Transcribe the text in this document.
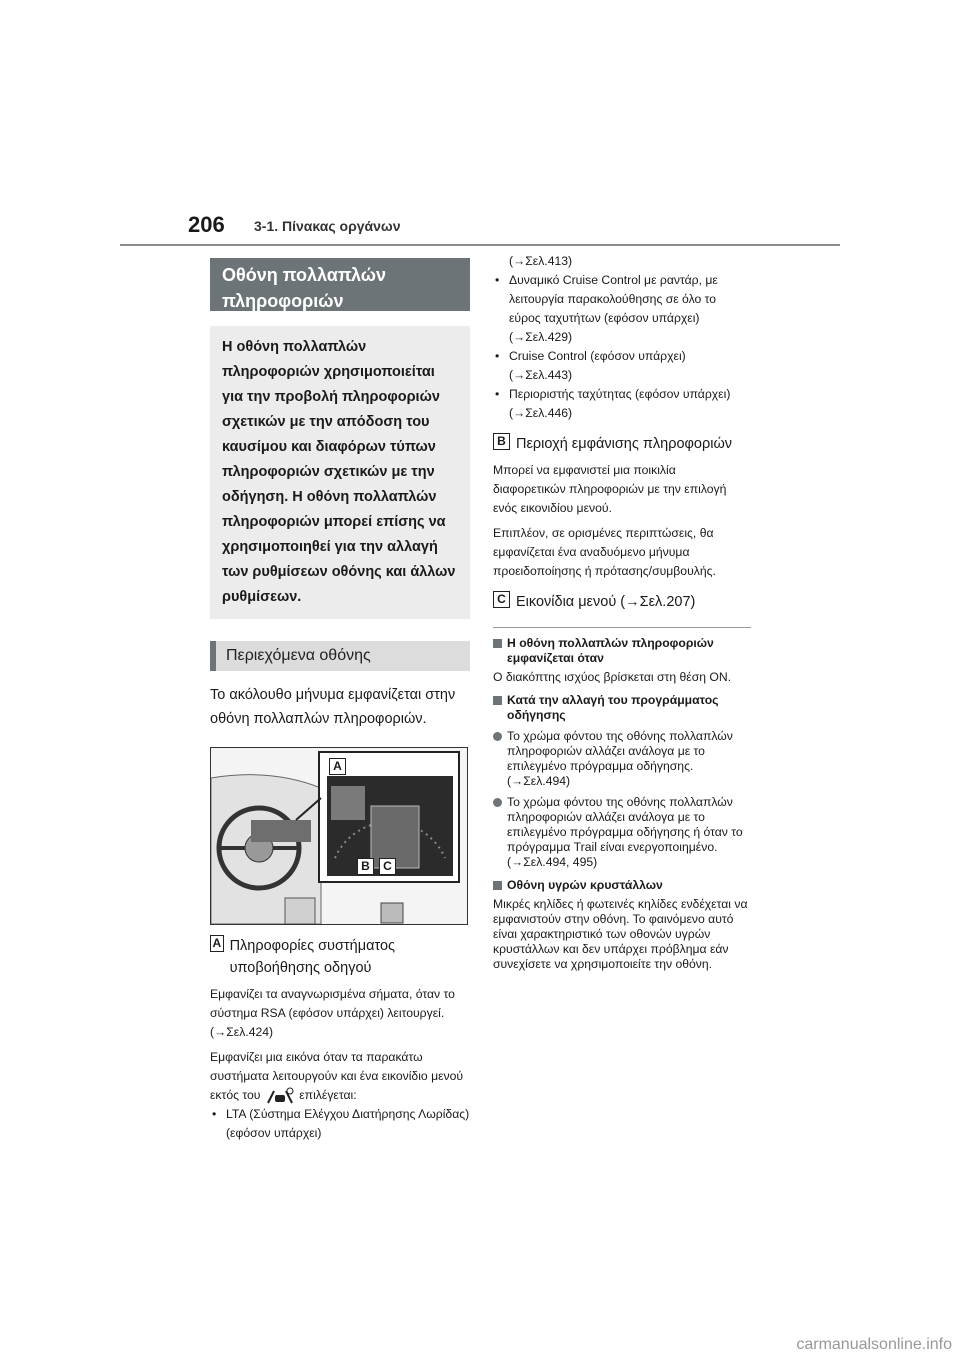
206 3-1. Πίνακας οργάνων
Οθόνη πολλαπλών πληροφοριών
Η οθόνη πολλαπλών πληροφοριών χρησιμοποιείται για την προβολή πληροφοριών σχετικών με την απόδοση του καυσίμου και διαφόρων τύπων πληροφοριών σχετικών με την οδήγηση. Η οθόνη πολλαπλών πληροφοριών μπορεί επίσης να χρησιμοποιηθεί για την αλλαγή των ρυθμίσεων οθόνης και άλλων ρυθμίσεων.
Περιεχόμενα οθόνης
Το ακόλουθο μήνυμα εμφανίζεται στην οθόνη πολλαπλών πληροφοριών.
A
B	C
A Πληροφορίες συστήματος υποβοήθησης οδηγού
Εμφανίζει τα αναγνωρισμένα σήματα, όταν το σύστημα RSA (εφόσον υπάρχει) λειτουργεί. (→Σελ.424)
Εμφανίζει μια εικόνα όταν τα παρακάτω συστήματα λειτουργούν και ένα εικονίδιο μενού εκτός του	επιλέγεται:
• LTA (Σύστημα Ελέγχου Διατήρησης Λωρίδας) (εφόσον υπάρχει)
(→Σελ.413)
• Δυναμικό Cruise Control με ραντάρ, με λειτουργία παρακολούθησης σε όλο το εύρος ταχυτήτων (εφόσον υπάρχει) (→Σελ.429)
• Cruise Control (εφόσον υπάρχει) (→Σελ.443)
• Περιοριστής ταχύτητας (εφόσον υπάρχει) (→Σελ.446)
B Περιοχή εμφάνισης πληροφοριών
Μπορεί να εμφανιστεί μια ποικιλία διαφορετικών πληροφοριών με την επιλογή ενός εικονιδίου μενού.
Επιπλέον, σε ορισμένες περιπτώσεις, θα εμφανίζεται ένα αναδυόμενο μήνυμα προειδοποίησης ή πρότασης/συμβουλής.
C Εικονίδια μενού (→Σελ.207)
Η οθόνη πολλαπλών πληροφοριών εμφανίζεται όταν
Ο διακόπτης ισχύος βρίσκεται στη θέση ON.
Κατά την αλλαγή του προγράμματος οδήγησης
Το χρώμα φόντου της οθόνης πολλαπλών πληροφοριών αλλάζει ανάλογα με το επιλεγμένο πρόγραμμα οδήγησης. (→Σελ.494)
Το χρώμα φόντου της οθόνης πολλαπλών πληροφοριών αλλάζει ανάλογα με το επιλεγμένο πρόγραμμα οδήγησης ή όταν το πρόγραμμα Trail είναι ενεργοποιημένο. (→Σελ.494, 495)
Οθόνη υγρών κρυστάλλων
Μικρές κηλίδες ή φωτεινές κηλίδες ενδέχεται να εμφανιστούν στην οθόνη. Το φαινόμενο αυτό είναι χαρακτηριστικό των οθονών υγρών κρυστάλλων και δεν υπάρχει πρόβλημα εάν συνεχίσετε να χρησιμοποιείτε την οθόνη.
carmanualsonline.info
